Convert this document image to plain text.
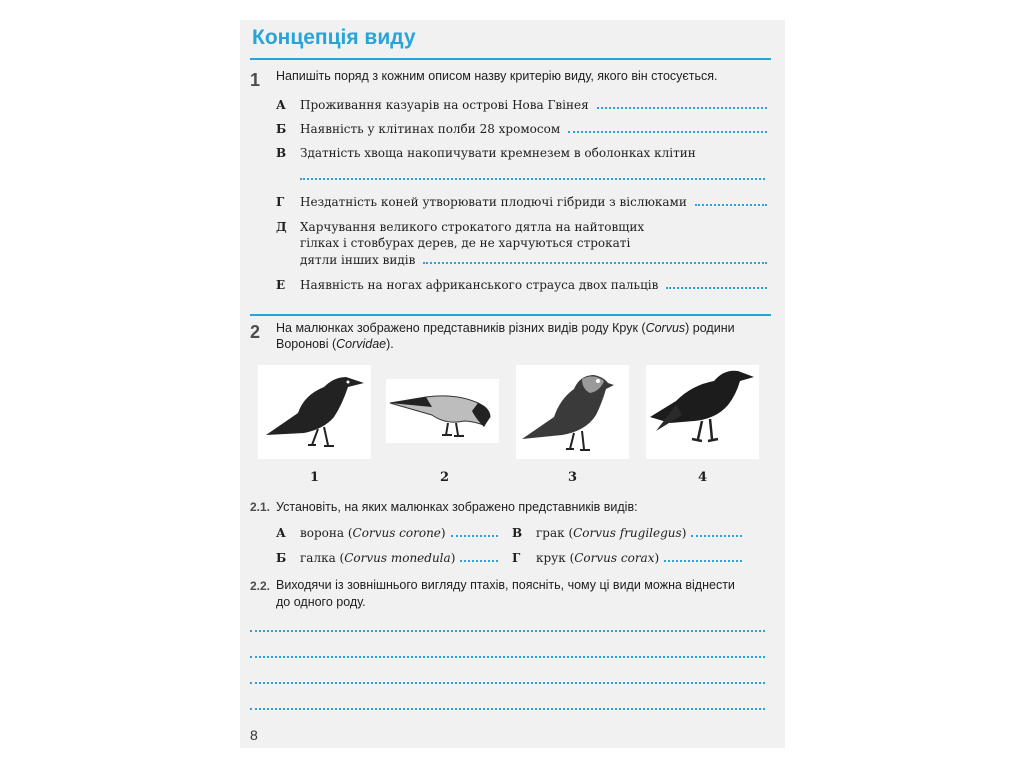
Концепція виду
1 Напишіть поряд з кожним описом назву критерію виду, якого він стосується.
А	Проживання казуарів на острові Нова Гвінея
Б	Наявність у клітинах полби 28 хромосом
В	Здатність хвоща накопичувати кремнезем в оболонках клітин
Г	Нездатність коней утворювати плодючі гібриди з віслюками
Д	Харчування великого строкатого дятла на найтовщих
гілках і стовбурах дерев, де не харчуються строкаті
дятли інших видів
Е	Наявність на ногах африканського страуса двох пальців
2 На малюнках зображено представників різних видів роду Крук (Corvus) родини Воронові (Corvidae).
1	2	3	4
2.1. Установіть, на яких малюнках зображено представників видів:
А	ворона ( Corvus corone )	В	грак ( Corvus frugilegus )
Б	галка ( Corvus monedula )	Г	крук ( Corvus corax )
2.2. Виходячи із зовнішнього вигляду птахів, поясніть, чому ці види можна віднести
до одного роду.
8
